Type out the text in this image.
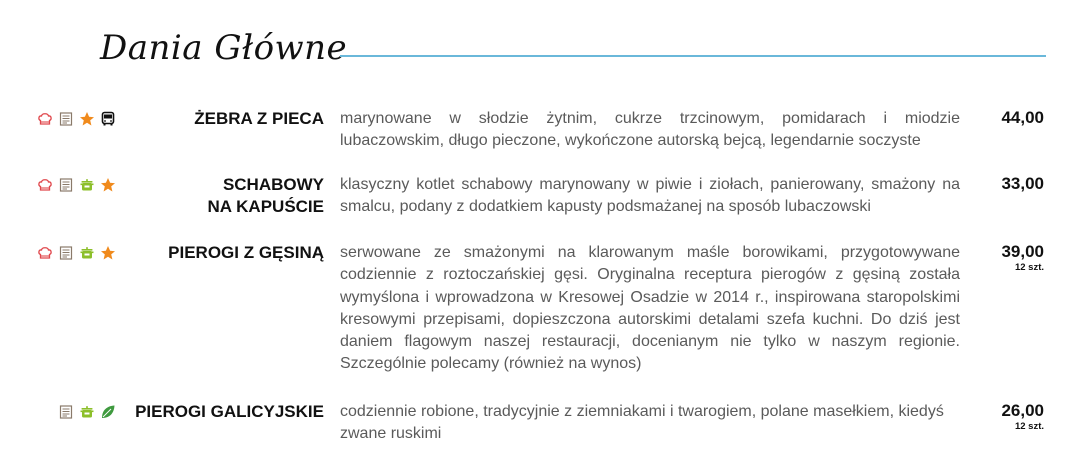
Dania Główne
ŻEBRA Z PIECA marynowane w słodzie żytnim, cukrze trzcinowym, pomidarach i miodzie lubaczowskim, długo pieczone, wykończone autorską bejcą, legendarnie soczyste
44,00
SCHABOWY
NA KAPUŚCIE
klasyczny kotlet schabowy marynowany w piwie i ziołach, panierowany, smażony na smalcu, podany z dodatkiem kapusty podsmażanej na sposób lubaczowski
33,00
PIEROGI Z GĘSINĄ serwowane ze smażonymi na klarowanym maśle borowikami, przygotowywane codziennie z roztoczańskiej gęsi. Oryginalna receptura pierogów z gęsiną została wymyślona i wprowadzona w Kresowej Osadzie w 2014 r., inspirowana staropolskimi kresowymi przepisami, dopieszczona autorskimi detalami szefa kuchni. Do dziś jest daniem flagowym naszej restauracji, docenianym nie tylko w naszym regionie. Szczególnie polecamy (również na wynos)
39,00
12 szt.
PIEROGI GALICYJSKIE codziennie robione, tradycyjnie z ziemniakami i twarogiem, polane masełkiem, kiedyś zwane ruskimi
26,00
12 szt.
